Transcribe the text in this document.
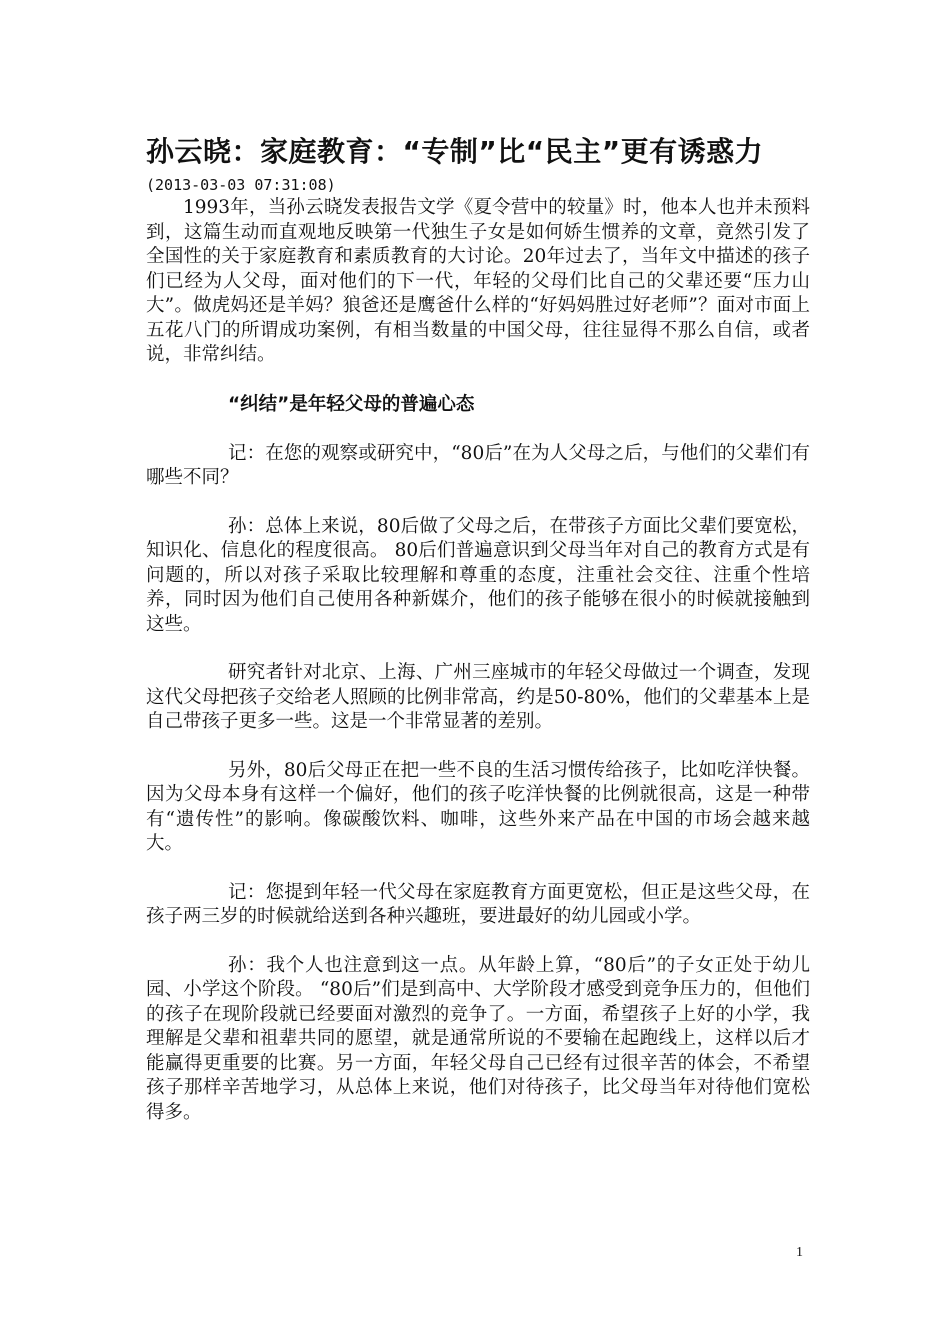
孙云晓：家庭教育：“专制”比“民主”更有诱惑力
(2013-03-03 07:31:08)

1993年，当孙云晓发表报告文学《夏令营中的较量》时，他本人也并未预料到，这篇生动而直观地反映第一代独生子女是如何娇生惯养的文章，竟然引发了全国性的关于家庭教育和素质教育的大讨论。20年过去了，当年文中描述的孩子们已经为人父母，面对他们的下一代，年轻的父母们比自己的父辈还要“压力山大”。做虎妈还是羊妈？狼爸还是鹰爸什么样的“好妈妈胜过好老师”？面对市面上五花八门的所谓成功案例，有相当数量的中国父母，往往显得不那么自信，或者说，非常纠结。

“纠结”是年轻父母的普遍心态

记：在您的观察或研究中，“80后”在为人父母之后，与他们的父辈们有哪些不同？

孙：总体上来说，80后做了父母之后，在带孩子方面比父辈们要宽松，知识化、信息化的程度很高。 80后们普遍意识到父母当年对自己的教育方式是有问题的，所以对孩子采取比较理解和尊重的态度，注重社会交往、注重个性培养，同时因为他们自己使用各种新媒介，他们的孩子能够在很小的时候就接触到这些。

研究者针对北京、上海、广州三座城市的年轻父母做过一个调查，发现这代父母把孩子交给老人照顾的比例非常高，约是50-80%，他们的父辈基本上是自己带孩子更多一些。这是一个非常显著的差别。

另外，80后父母正在把一些不良的生活习惯传给孩子，比如吃洋快餐。因为父母本身有这样一个偏好，他们的孩子吃洋快餐的比例就很高，这是一种带有“遗传性”的影响。像碳酸饮料、咖啡，这些外来产品在中国的市场会越来越大。

记：您提到年轻一代父母在家庭教育方面更宽松，但正是这些父母，在孩子两三岁的时候就给送到各种兴趣班，要进最好的幼儿园或小学。

孙：我个人也注意到这一点。从年龄上算，“80后”的子女正处于幼儿园、小学这个阶段。 “80后”们是到高中、大学阶段才感受到竞争压力的，但他们的孩子在现阶段就已经要面对激烈的竞争了。一方面，希望孩子上好的小学，我理解是父辈和祖辈共同的愿望，就是通常所说的不要输在起跑线上，这样以后才能赢得更重要的比赛。另一方面，年轻父母自己已经有过很辛苦的体会，不希望孩子那样辛苦地学习，从总体上来说，他们对待孩子，比父母当年对待他们宽松得多。

1
